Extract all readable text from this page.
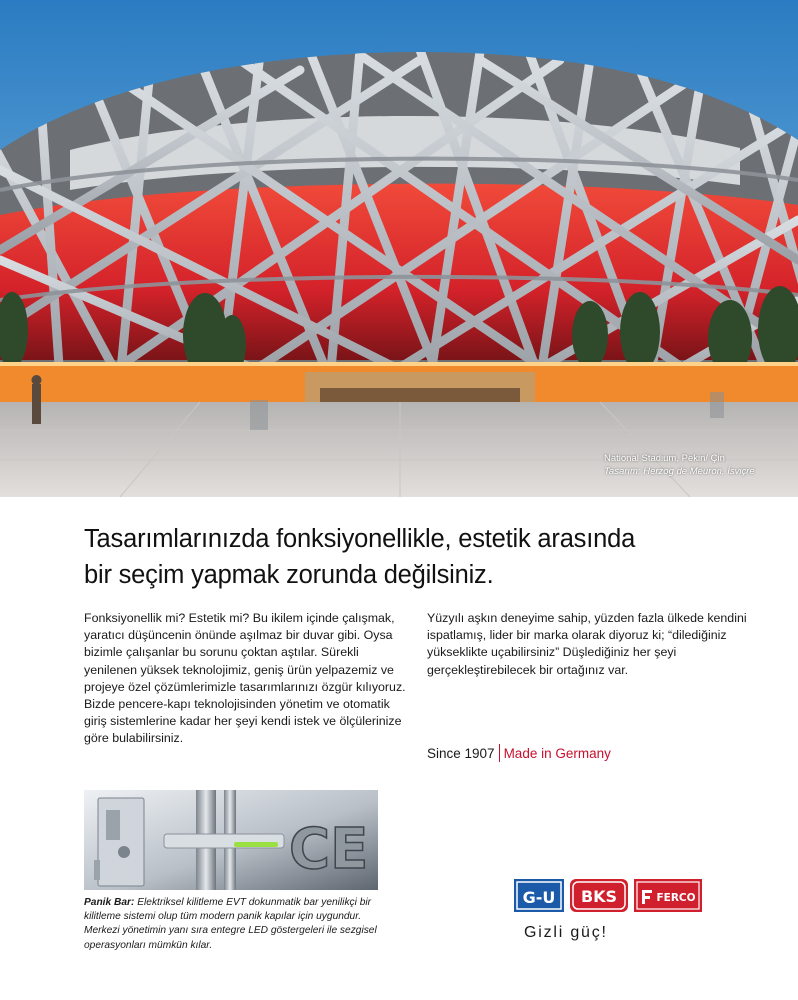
National Stadium, Pekin/ Çin
Tasarım: Herzog de Meuron, İsviçre
Tasarımlarınızda fonksiyonellikle, estetik arasında
bir seçim yapmak zorunda değilsiniz.

Fonksiyonellik mi? Estetik mi? Bu ikilem içinde çalışmak, yaratıcı düşüncenin önünde aşılmaz bir duvar gibi. Oysa bizimle çalışanlar bu sorunu çoktan aştılar. Sürekli yenilenen yüksek teknolojimiz, geniş ürün yelpazemiz ve projeye özel çözümlerimizle tasarımlarınızı özgür kılıyoruz.

Bizde pencere-kapı teknolojisinden yönetim ve otomatik giriş sistemlerine kadar her şeyi kendi istek ve ölçülerinize göre bulabilirsiniz.

Yüzyılı aşkın deneyime sahip, yüzden fazla ülkede kendini ispatlamış, lider bir marka olarak diyoruz ki; “dilediğiniz yükseklikte uçabilirsiniz” Düşlediğiniz her şeyi gerçekleştirebilecek bir ortağınız var.

Since 1907 Made in Germany
CE
Panik Bar: Elektriksel kilitleme EVT dokunmatik bar yenilikçi bir kilitleme sistemi olup tüm modern panik kapılar için uygundur. Merkezi yönetimin yanı sıra entegre LED göstergeleri ile sezgisel operasyonları mümkün kılar.
G-U BKS	FERCO
Gizli güç!
